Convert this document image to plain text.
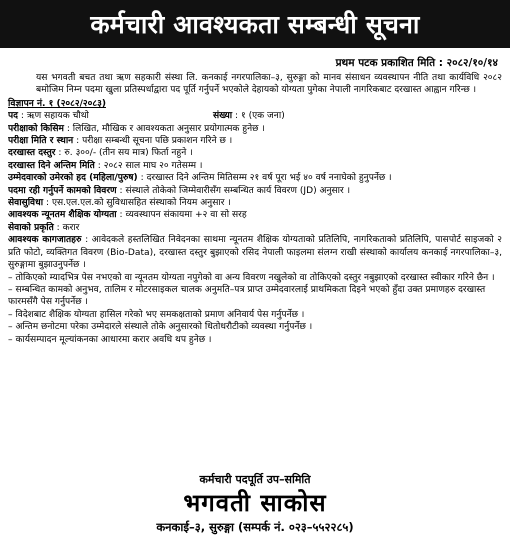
कर्मचारी आवश्यकता सम्बन्धी सूचना
प्रथम पटक प्रकाशित मिति : २०८२/१०/१४

यस भगवती बचत तथा ऋण सहकारी संस्था लि. कनकाई नगरपालिका–३, सुरुङ्गा को मानव संसाधन व्यवस्थापन नीति तथा कार्यविधि २०८२ बमोजिम निम्न पदमा खुला प्रतिस्पर्धाद्वारा पद पूर्ति गर्नुपर्ने भएकोले देहायको योग्यता पुगेका नेपाली नागरिकबाट दरखास्त आह्वान गरिन्छ ।

विज्ञापन नं. १ (२०८२/२०८३)
पद : ऋण सहायक चौथो	संख्या : १ (एक जना)
परीक्षाको किसिम : लिखित, मौखिक र आवश्यकता अनुसार प्रयोगात्मक हुनेछ ।
परीक्षा मिति र स्थान : परीक्षा सम्बन्धी सूचना पछि प्रकाशन गरिने छ ।
दरखास्त दस्तुर : रु. ३००/- (तीन सय मात्र) फिर्ता नहुने ।
दरखास्त दिने अन्तिम मिति : २०८२ साल माघ २० गतेसम्म ।
उम्मेदवारको उमेरको हद (महिला/पुरुष) : दरखास्त दिने अन्तिम मितिसम्म २१ वर्ष पूरा भई ४० वर्ष ननाघेको हुनुपर्नेछ ।
पदमा रही गर्नुपर्ने कामको विवरण : संस्थाले तोकेको जिम्मेवारीसँग सम्बन्धित कार्य विवरण (JD) अनुसार ।
सेवासुविधा : एस.एल.एल.को सुविधासहित संस्थाको नियम अनुसार ।
आवश्यक न्यूनतम शैक्षिक योग्यता : व्यवस्थापन संकायमा +२ वा सो सरह
सेवाको प्रकृति : करार
आवश्यक कागजातहरु : आवेदकले हस्तलिखित निवेदनका साथमा न्यूनतम शैक्षिक योग्यताको प्रतिलिपि, नागरिकताको प्रतिलिपि, पासपोर्ट साइजको २ प्रति फोटो, व्यक्तिगत विवरण (Bio-Data), दरखास्त दस्तुर बुझाएको रसिद नेपाली फाइलमा संलग्न राखी संस्थाको कार्यालय कनकाई नगरपालिका–३, सुरुङ्गामा बुझाउनुपर्नेछ ।
– तोकिएको म्यादभित्र पेस नभएको वा न्यूनतम योग्यता नपुगेको वा अन्य विवरण नखुलेको वा तोकिएको दस्तुर नबुझाएको दरखास्त स्वीकार गरिने छैन ।
– सम्बन्धित कामको अनुभव, तालिम र मोटरसाइकल चालक अनुमति–पत्र प्राप्त उम्मेदवारलाई प्राथमिकता दिइने भएको हुँदा उक्त प्रमाणहरु दरखास्त फारमसँगै पेस गर्नुपर्नेछ ।
– विदेशबाट शैक्षिक योग्यता हासिल गरेको भए समकक्षताको प्रमाण अनिवार्य पेस गर्नुपर्नेछ ।
– अन्तिम छनोटमा परेका उम्मेदारले संस्थाले तोके अनुसारको धितोधरौटीको व्यवस्था गर्नुपर्नेछ ।
– कार्यसम्पादन मूल्यांकनका आधारमा करार अवधि थप हुनेछ ।
कर्मचारी पदपूर्ति उप–समिति
भगवती साकोस
कनकाई–३, सुरुङ्गा (सम्पर्क नं. ०२३–५५२२८५)
